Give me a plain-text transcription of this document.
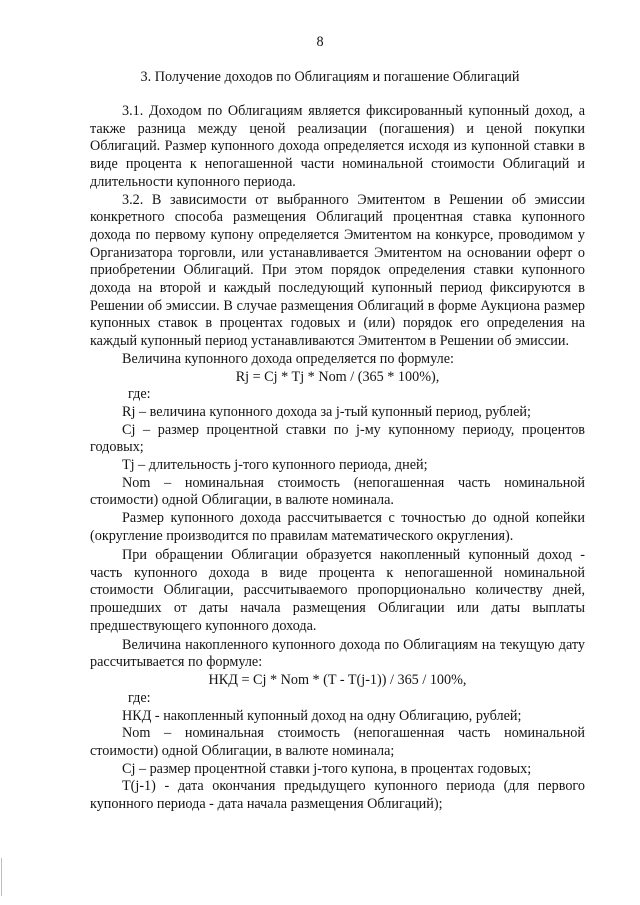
8
3. Получение доходов по Облигациям и погашение Облигаций

3.1. Доходом по Облигациям является фиксированный купонный доход, а также разница между ценой реализации (погашения) и ценой покупки Облигаций. Размер купонного дохода определяется исходя из купонной ставки в виде процента к непогашенной части номинальной стоимости Облигаций и длительности купонного периода.

3.2. В зависимости от выбранного Эмитентом в Решении об эмиссии конкретного способа размещения Облигаций процентная ставка купонного дохода по первому купону определяется Эмитентом на конкурсе, проводимом у Организатора торговли, или устанавливается Эмитентом на основании оферт о приобретении Облигаций. При этом порядок определения ставки купонного дохода на второй и каждый последующий купонный период фиксируются в Решении об эмиссии. В случае размещения Облигаций в форме Аукциона размер купонных ставок в процентах годовых и (или) порядок его определения на каждый купонный период устанавливаются Эмитентом в Решении об эмиссии.

Величина купонного дохода определяется по формуле:

Rj = Cj * Tj * Nom / (365 * 100%),

где:

Rj – величина купонного дохода за j-тый купонный период, рублей;

Cj – размер процентной ставки по j-му купонному периоду, процентов годовых;

Tj – длительность j-того купонного периода, дней;

Nom – номинальная стоимость (непогашенная часть номинальной стоимости) одной Облигации, в валюте номинала.

Размер купонного дохода рассчитывается с точностью до одной копейки (округление производится по правилам математического округления).

При обращении Облигации образуется накопленный купонный доход - часть купонного дохода в виде процента к непогашенной номинальной стоимости Облигации, рассчитываемого пропорционально количеству дней, прошедших от даты начала размещения Облигации или даты выплаты предшествующего купонного дохода.

Величина накопленного купонного дохода по Облигациям на текущую дату рассчитывается по формуле:

НКД = Cj * Nom * (T - T(j-1)) / 365 / 100%,

где:

НКД - накопленный купонный доход на одну Облигацию, рублей;

Nom – номинальная стоимость (непогашенная часть номинальной стоимости) одной Облигации, в валюте номинала;

Cj – размер процентной ставки j-того купона, в процентах годовых;

T(j-1) - дата окончания предыдущего купонного периода (для первого купонного периода - дата начала размещения Облигаций);
